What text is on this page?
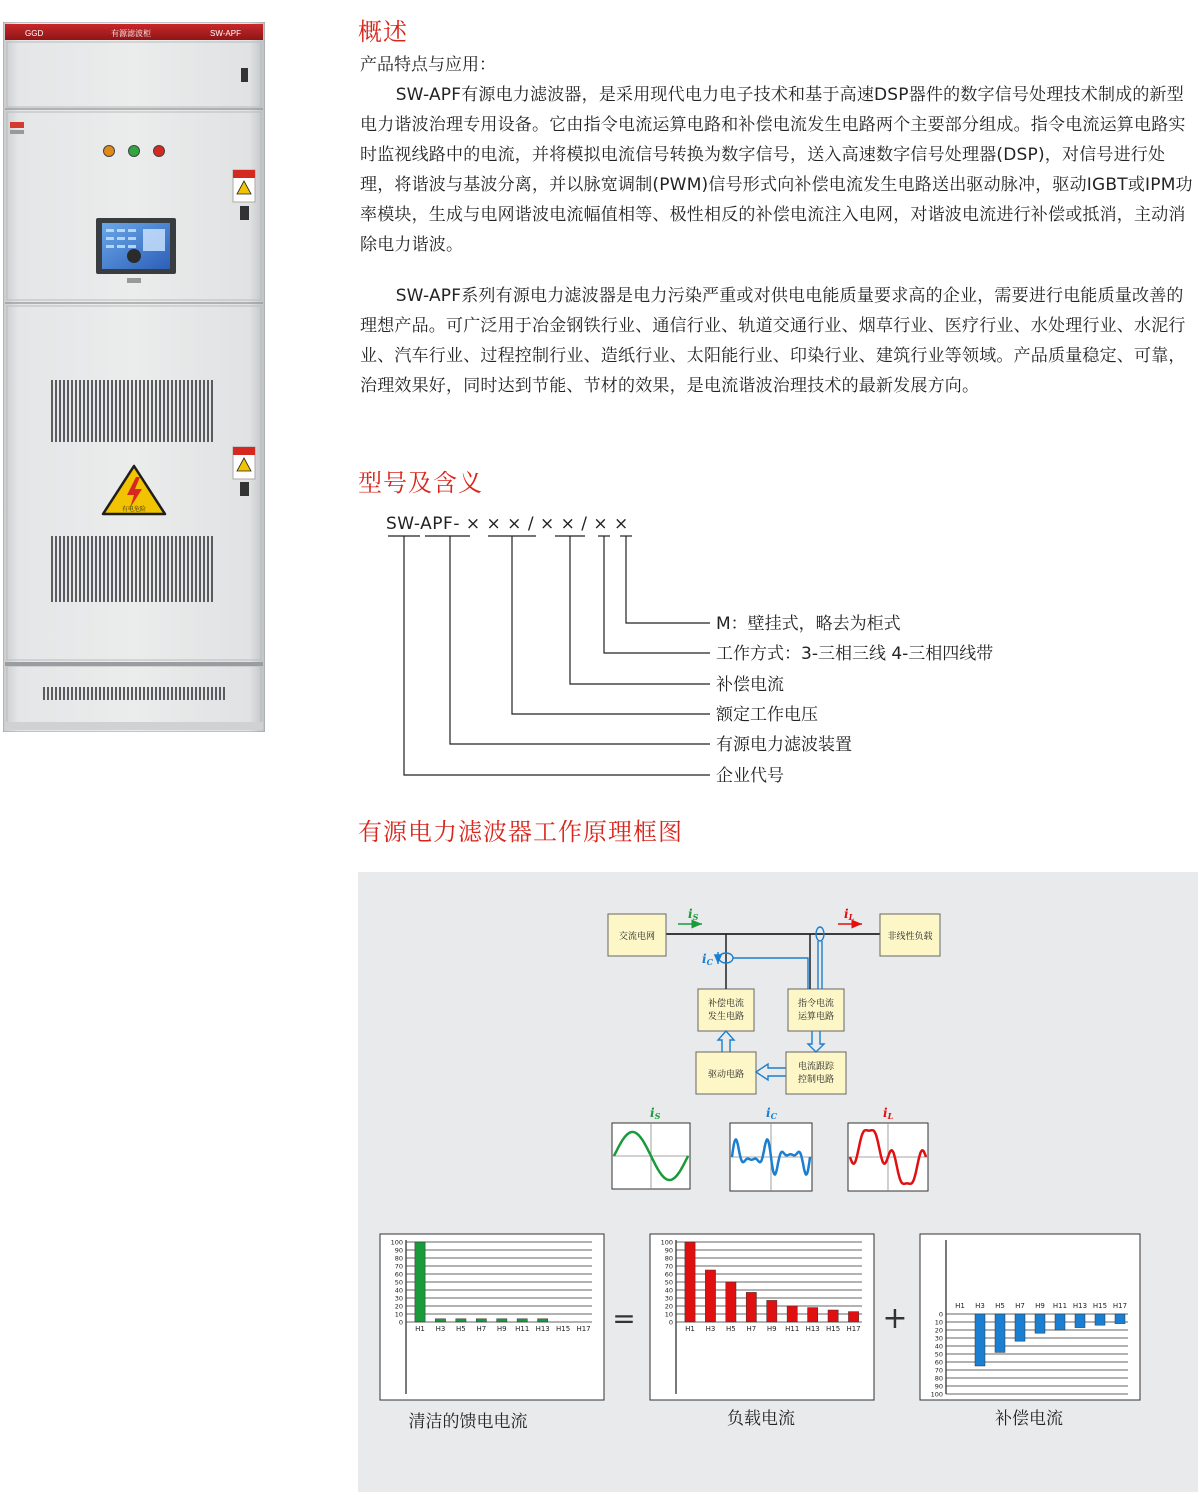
GGD	有源滤波柜	SW-APF
有电危险
概述
产品特点与应用：

SW-APF有源电力滤波器，是采用现代电力电子技术和基于高速DSP器件的数字信号处理技术制成的新型电力谐波治理专用设备。它由指令电流运算电路和补偿电流发生电路两个主要部分组成。指令电流运算电路实时监视线路中的电流，并将模拟电流信号转换为数字信号，送入高速数字信号处理器(DSP)，对信号进行处理，将谐波与基波分离，并以脉宽调制(PWM)信号形式向补偿电流发生电路送出驱动脉冲，驱动IGBT或IPM功率模块，生成与电网谐波电流幅值相等、极性相反的补偿电流注入电网，对谐波电流进行补偿或抵消，主动消除电力谐波。

SW-APF系列有源电力滤波器是电力污染严重或对供电电能质量要求高的企业，需要进行电能质量改善的理想产品。可广泛用于冶金钢铁行业、通信行业、轨道交通行业、烟草行业、医疗行业、水处理行业、水泥行业、汽车行业、过程控制行业、造纸行业、太阳能行业、印染行业、建筑行业等领域。产品质量稳定、可靠，治理效果好，同时达到节能、节材的效果，是电流谐波治理技术的最新发展方向。

型号及含义
SW-APF- × × × / × × / × ×
M：壁挂式，略去为柜式
工作方式：3-三相三线 4-三相四线带
补偿电流
额定工作电压
有源电力滤波装置
企业代号
有源电力滤波器工作原理框图
交流电网	非线性负载
补偿电流
发生电路
指令电流
运算电路
驱动电路
电流跟踪
控制电路
iS	iL
iC
iS	iC	iL
0
10
20
30
40
50
60
70
80
90
100
H1 H3 H5 H7 H9 H11 H13 H15 H17
0
10
20
30
40
50
60
70
80
90
100
H1 H3 H5 H7 H9 H11 H13 H15 H17
0
10
20
30
40
50
60
70
80
90
100
H1 H3 H5 H7 H9 H11 H13 H15 H17
=	+
清洁的馈电电流	负载电流	补偿电流
